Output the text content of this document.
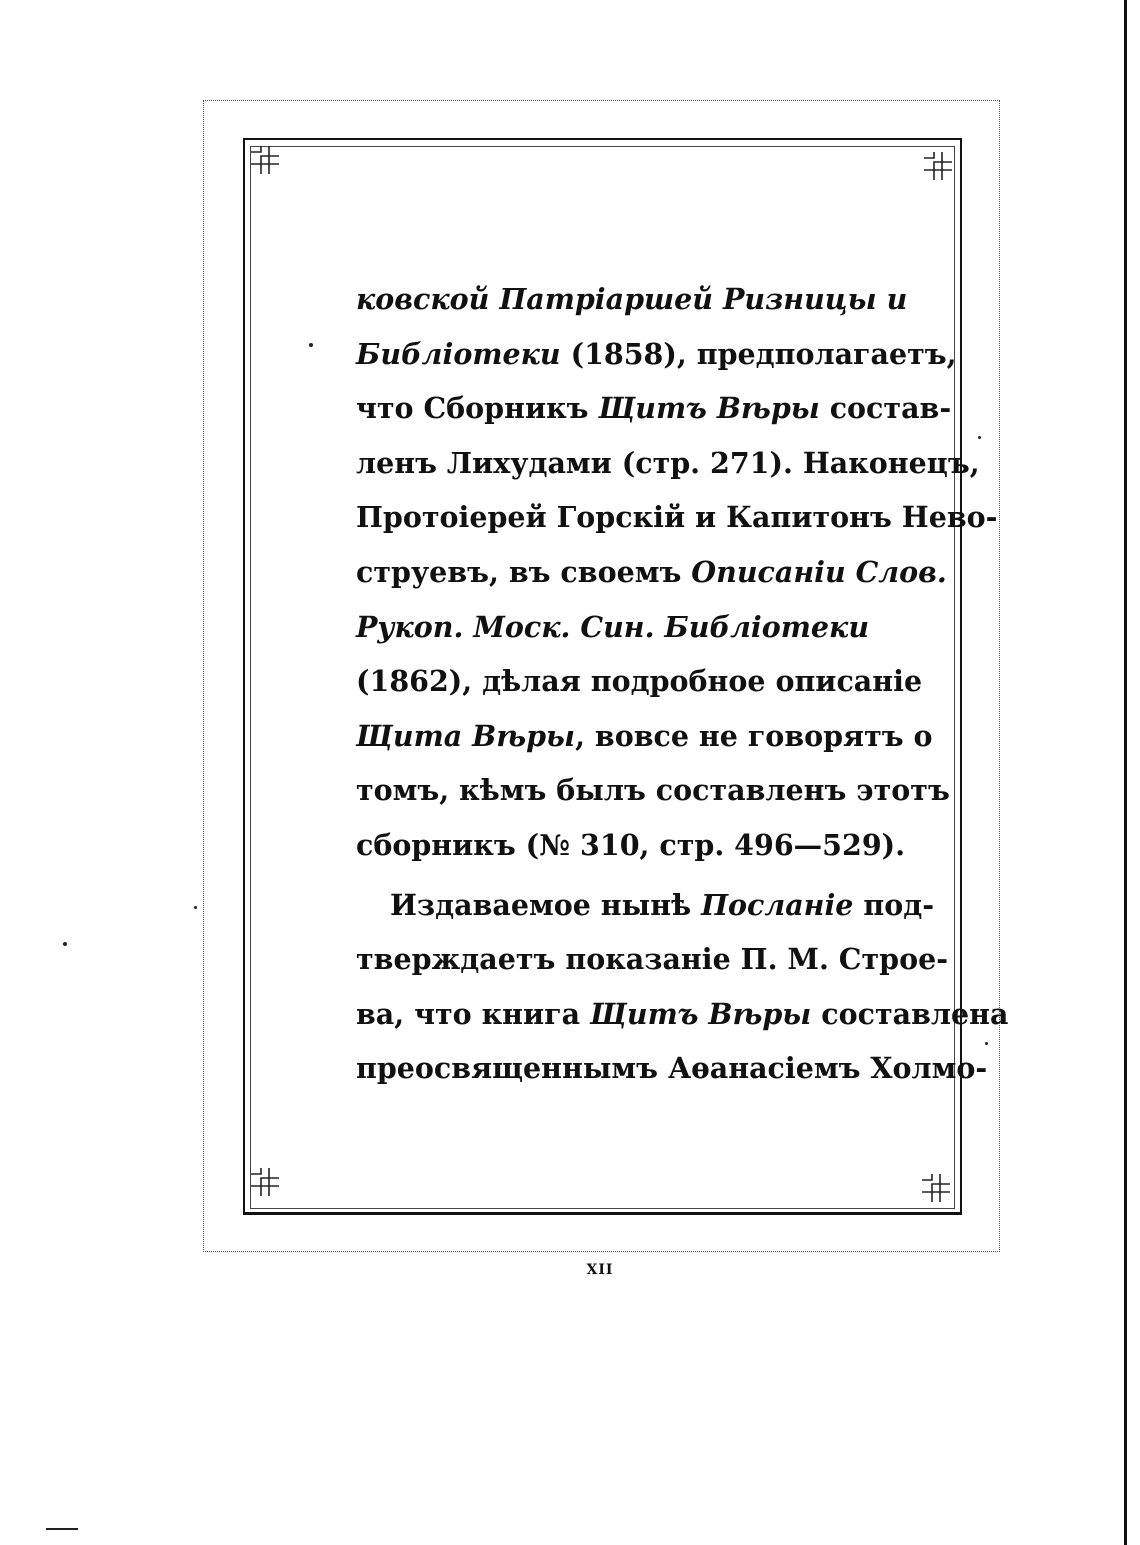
ковской Патріаршей Ризницы и
Библіотеки (1858), предполагаетъ,
что Сборникъ Щитъ Вѣры состав-
ленъ Лихудами (стр. 271). Наконецъ,
Протоіерей Горскій и Капитонъ Нево-
струевъ, въ своемъ Описаніи Слов.
Рукоп. Моск. Син. Библіотеки
(1862), дѣлая подробное описаніе
Щита Вѣры, вовсе не говорятъ о
томъ, кѣмъ былъ составленъ этотъ
сборникъ (№ 310, стр. 496—529).
Издаваемое нынѣ Посланіе под-
тверждаетъ показаніе П. М. Строе-
ва, что книга Щитъ Вѣры составлена
преосвященнымъ Аѳанасіемъ Холмо-
XII
